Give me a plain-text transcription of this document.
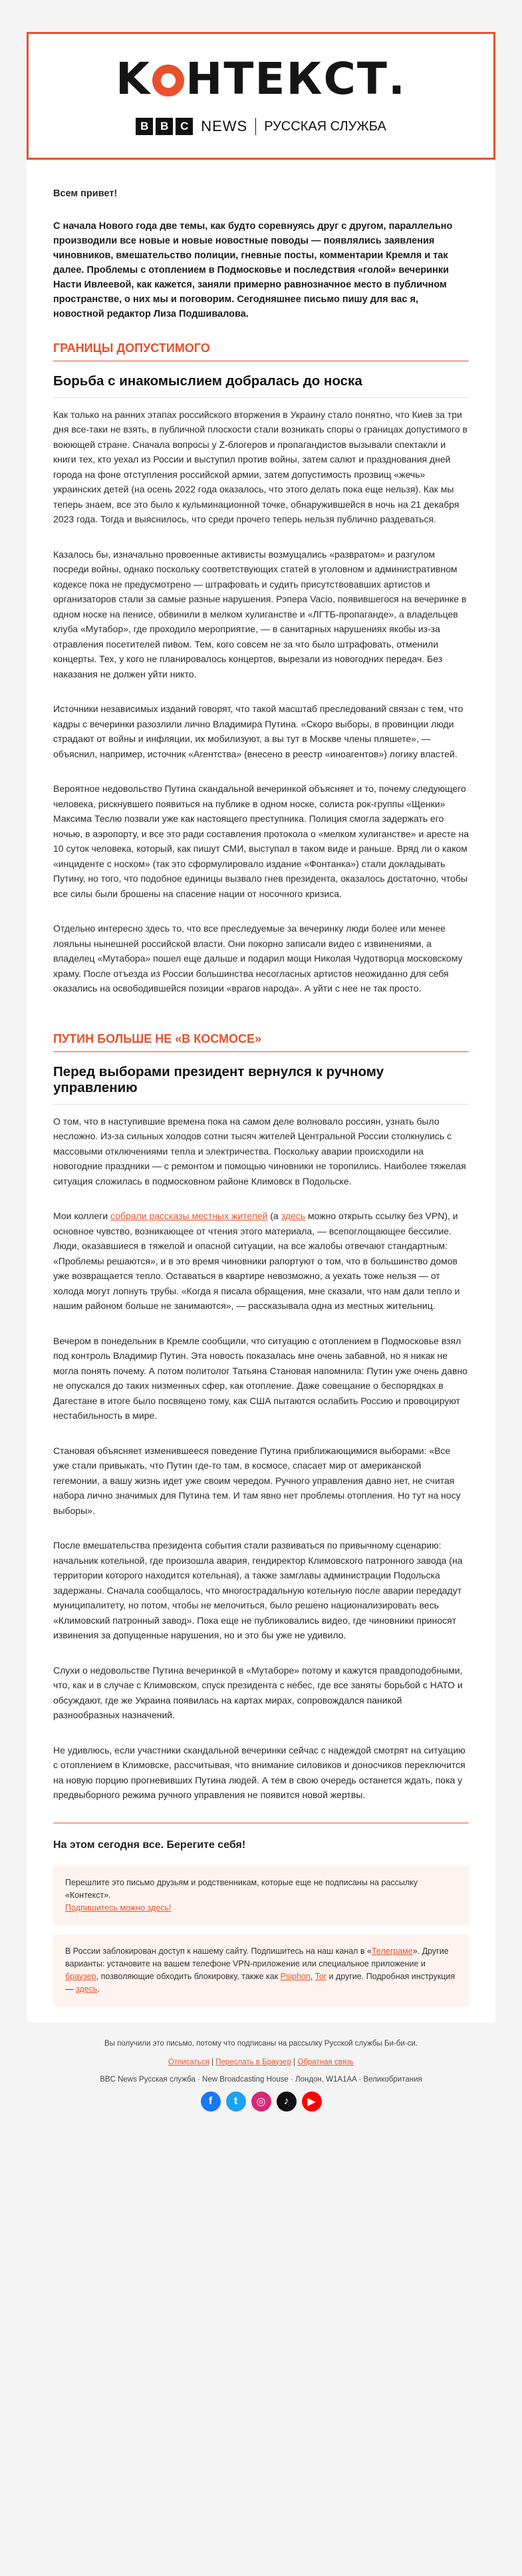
K НТЕКСТ.
B	B	C NEWS РУССКАЯ СЛУЖБА

Всем привет!

С начала Нового года две темы, как будто соревнуясь друг с другом, параллельно производили все новые и новые новостные поводы — появлялись заявления чиновников, вмешательство полиции, гневные посты, комментарии Кремля и так далее. Проблемы с отоплением в Подмосковье и последствия «голой» вечеринки Насти Ивлеевой, как кажется, заняли примерно равнозначное место в публичном пространстве, о них мы и поговорим. Сегодняшнее письмо пишу для вас я, новостной редактор Лиза Подшивалова.

ГРАНИЦЫ ДОПУСТИМОГО
Борьба с инакомыслием добралась до носка

Как только на ранних этапах российского вторжения в Украину стало понятно, что Киев за три дня все-таки не взять, в публичной плоскости стали возникать споры о границах допустимого в воюющей стране. Сначала вопросы у Z-блогеров и пропагандистов вызывали спектакли и книги тех, кто уехал из России и выступил против войны, затем салют и празднования дней города на фоне отступления российской армии, затем допустимость прозвищ «жечь» украинских детей (на осень 2022 года оказалось, что этого делать пока еще нельзя). Как мы теперь знаем, все это было к кульминационной точке, обнаружившейся в ночь на 21 декабря 2023 года. Тогда и выяснилось, что среди прочего теперь нельзя публично раздеваться.

Казалось бы, изначально провоенные активисты возмущались «развратом» и разгулом посреди войны, однако поскольку соответствующих статей в уголовном и административном кодексе пока не предусмотрено — штрафовать и судить присутствовавших артистов и организаторов стали за самые разные нарушения. Рэпера Vacio, появившегося на вечеринке в одном носке на пенисе, обвинили в мелком хулиганстве и «ЛГТБ-пропаганде», а владельцев клуба «Мутабор», где проходило мероприятие, — в санитарных нарушениях якобы из-за отравления посетителей пивом. Тем, кого совсем не за что было штрафовать, отменили концерты. Тех, у кого не планировалось концертов, вырезали из новогодних передач. Без наказания не должен уйти никто.

Источники независимых изданий говорят, что такой масштаб преследований связан с тем, что кадры с вечеринки разозлили лично Владимира Путина. «Скоро выборы, в провинции люди страдают от войны и инфляции, их мобилизуют, а вы тут в Москве члены пляшете», — объяснил, например, источник «Агентства» (внесено в реестр «иноагентов») логику властей.

Вероятное недовольство Путина скандальной вечеринкой объясняет и то, почему следующего человека, рискнувшего появиться на публике в одном носке, солиста рок-группы «Щенки» Максима Теслю позвали уже как настоящего преступника. Полиция смогла задержать его ночью, в аэропорту, и все это ради составления протокола о «мелком хулиганстве» и аресте на 10 суток человека, который, как пишут СМИ, выступал в таком виде и раньше. Вряд ли о каком «инциденте с носком» (так это сформулировало издание «Фонтанка») стали докладывать Путину, но того, что подобное единицы вызвало гнев президента, оказалось достаточно, чтобы все силы были брошены на спасение нации от носочного кризиса.

Отдельно интересно здесь то, что все преследуемые за вечеринку люди более или менее лояльны нынешней российской власти. Они покорно записали видео с извинениями, а владелец «Мутабора» пошел еще дальше и подарил мощи Николая Чудотворца московскому храму. После отъезда из России большинства несогласных артистов неожиданно для себя оказались на освободившейся позиции «врагов народа». А уйти с нее не так просто.

ПУТИН БОЛЬШЕ НЕ «В КОСМОСЕ»
Перед выборами президент вернулся к ручному управлению

О том, что в наступившие времена пока на самом деле волновало россиян, узнать было несложно. Из-за сильных холодов сотни тысяч жителей Центральной России столкнулись с массовыми отключениями тепла и электричества. Поскольку аварии происходили на новогодние праздники — с ремонтом и помощью чиновники не торопились. Наиболее тяжелая ситуация сложилась в подмосковном районе Климовск в Подольске.

Мои коллеги собрали рассказы местных жителей (а здесь можно открыть ссылку без VPN), и основное чувство, возникающее от чтения этого материала, — всепоглощающее бессилие. Люди, оказавшиеся в тяжелой и опасной ситуации, на все жалобы отвечают стандартным: «Проблемы решаются», и в это время чиновники рапортуют о том, что в большинство домов уже возвращается тепло. Оставаться в квартире невозможно, а уехать тоже нельзя — от холода могут лопнуть трубы. «Когда я писала обращения, мне сказали, что нам дали тепло и нашим районом больше не занимаются», — рассказывала одна из местных жительниц.

Вечером в понедельник в Кремле сообщили, что ситуацию с отоплением в Подмосковье взял под контроль Владимир Путин. Эта новость показалась мне очень забавной, но я никак не могла понять почему. А потом политолог Татьяна Становая напомнила: Путин уже очень давно не опускался до таких низменных сфер, как отопление. Даже совещание о беспорядках в Дагестане в итоге было посвящено тому, как США пытаются ослабить Россию и провоцируют нестабильность в мире.

Становая объясняет изменившееся поведение Путина приближающимися выборами: «Все уже стали привыкать, что Путин где-то там, в космосе, спасает мир от американской гегемонии, а вашу жизнь идет уже своим чередом. Ручного управления давно нет, не считая набора лично значимых для Путина тем. И там явно нет проблемы отопления. Но тут на носу выборы».

После вмешательства президента события стали развиваться по привычному сценарию: начальник котельной, где произошла авария, гендиректор Климовского патронного завода (на территории которого находится котельная), а также замглавы администрации Подольска задержаны. Сначала сообщалось, что многострадальную котельную после аварии передадут муниципалитету, но потом, чтобы не мелочиться, было решено национализировать весь «Климовский патронный завод». Пока еще не публиковались видео, где чиновники приносят извинения за допущенные нарушения, но и это бы уже не удивило.

Слухи о недовольстве Путина вечеринкой в «Мутаборе» потому и кажутся правдоподобными, что, как и в случае с Климовском, спуск президента с небес, где все заняты борьбой с НАТО и обсуждают, где же Украина появилась на картах мирах, сопровождался паникой разнообразных назначений.

Не удивлюсь, если участники скандальной вечеринки сейчас с надеждой смотрят на ситуацию с отоплением в Климовске, рассчитывая, что внимание силовиков и доносчиков переключится на новую порцию прогневивших Путина людей. А тем в свою очередь останется ждать, пока у предвыборного режима ручного управления не появится новой жертвы.

На этом сегодня все. Берегите себя!
Перешлите это письмо друзьям и родственникам, которые еще не подписаны на рассылку «Контекст».
Подпишитесь можно здесь!
В России заблокирован доступ к нашему сайту. Подпишитесь на наш канал в «Телеграме». Другие варианты: установите на вашем телефоне VPN-приложение или специальное приложение и браузер, позволяющие обходить блокировку, также как Psiphon, Tor и другие. Подробная инструкция — здесь.
Вы получили это письмо, потому что подписаны на рассылку Русской службы Би-би-си.
Отписаться | Переслать в Браузер | Обратная связь
BBC News Русская служба · New Broadcasting House · Лондон, W1A1AA · Великобритания
f	t	◎	♪	▶
